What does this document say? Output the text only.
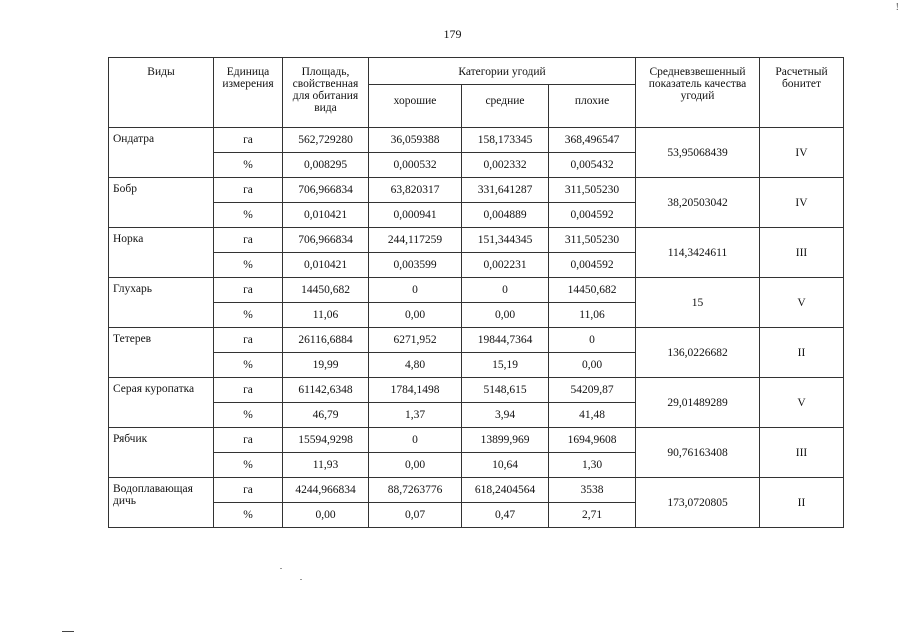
179
!
Виды	Единица измерения	Площадь, свойственная для обитания вида	Категории угодий			Средневзвешенный показатель качества угодий	Расчетный бонитет
			хорошие	средние	плохие		
Ондатра	га	562,729280	36,059388	158,173345	368,496547	53,95068439	IV
	%	0,008295	0,000532	0,002332	0,005432		
Бобр	га	706,966834	63,820317	331,641287	311,505230	38,20503042	IV
	%	0,010421	0,000941	0,004889	0,004592		
Норка	га	706,966834	244,117259	151,344345	311,505230	114,3424611	III
	%	0,010421	0,003599	0,002231	0,004592		
Глухарь	га	14450,682	0	0	14450,682	15	V
	%	11,06	0,00	0,00	11,06		
Тетерев	га	26116,6884	6271,952	19844,7364	0	136,0226682	II
	%	19,99	4,80	15,19	0,00		
Серая куропатка	га	61142,6348	1784,1498	5148,615	54209,87	29,01489289	V
	%	46,79	1,37	3,94	41,48		
Рябчик	га	15594,9298	0	13899,969	1694,9608	90,76163408	III
	%	11,93	0,00	10,64	1,30		
Водоплавающая дичь	га	4244,966834	88,7263776	618,2404564	3538	173,0720805	II
	%	0,00	0,07	0,47	2,71		
